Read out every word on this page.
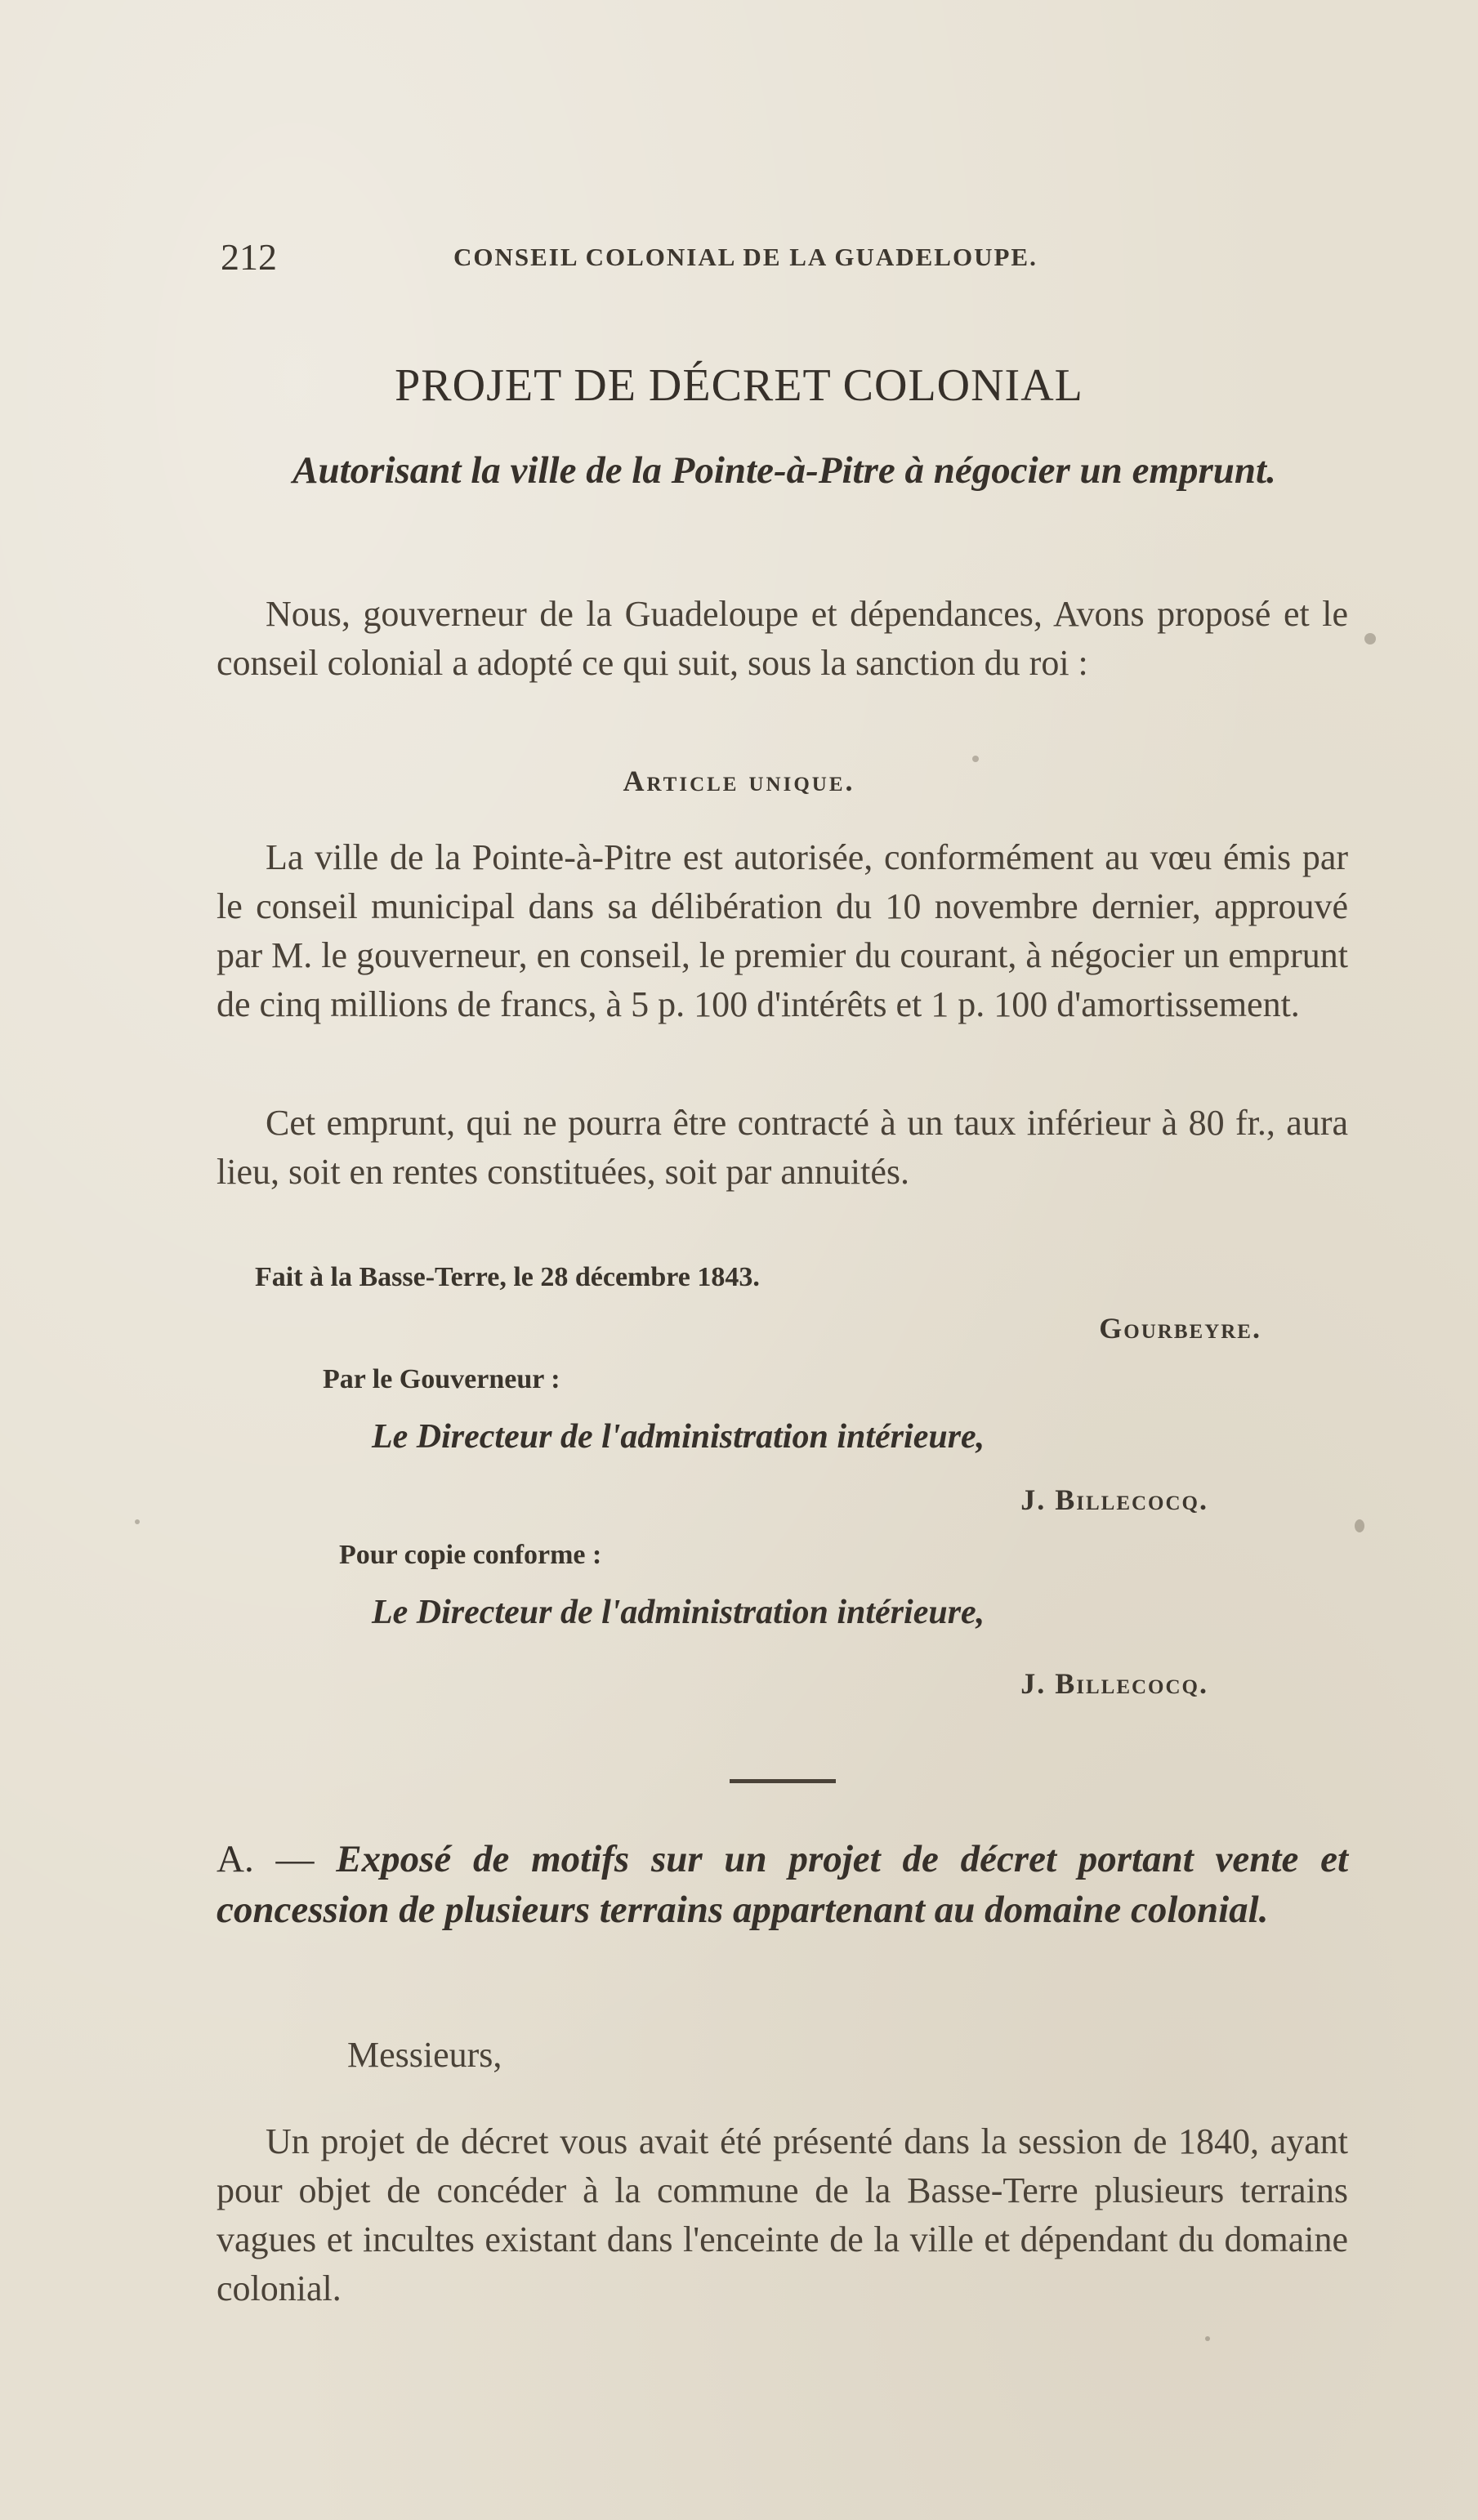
212	CONSEIL COLONIAL DE LA GUADELOUPE.
PROJET DE DÉCRET COLONIAL
Autorisant la ville de la Pointe-à-Pitre à négocier un emprunt.

Nous, gouverneur de la Guadeloupe et dépendances, Avons proposé et le conseil colonial a adopté ce qui suit, sous la sanction du roi :

Article unique.

La ville de la Pointe-à-Pitre est autorisée, conformément au vœu émis par le conseil municipal dans sa délibération du 10 novembre dernier, approuvé par M. le gouverneur, en conseil, le premier du courant, à négocier un emprunt de cinq millions de francs, à 5 p. 100 d'intérêts et 1 p. 100 d'amortissement.

Cet emprunt, qui ne pourra être contracté à un taux inférieur à 80 fr., aura lieu, soit en rentes constituées, soit par annuités.

Fait à la Basse-Terre, le 28 décembre 1843.
Gourbeyre.
Par le Gouverneur :
Le Directeur de l'administration intérieure,
J. Billecocq.
Pour copie conforme :
Le Directeur de l'administration intérieure,
J. Billecocq.

A. — Exposé de motifs sur un projet de décret portant vente et concession de plusieurs terrains appartenant au domaine colonial.

Messieurs,

Un projet de décret vous avait été présenté dans la session de 1840, ayant pour objet de concéder à la commune de la Basse-Terre plusieurs terrains vagues et incultes existant dans l'enceinte de la ville et dépendant du domaine colonial.
